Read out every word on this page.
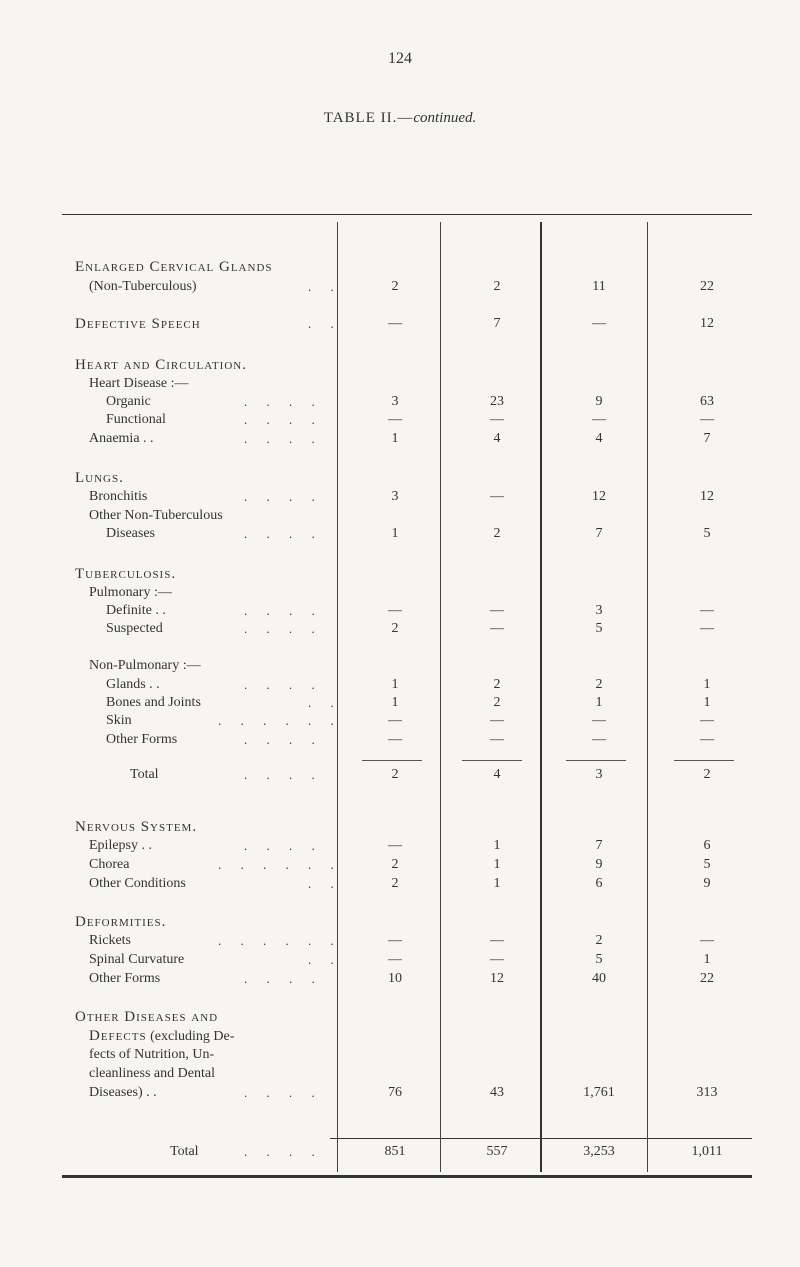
124
TABLE II.—continued.
Enlarged Cervical Glands
(Non-Tuberculous)	. .	2	2	11	22
Defective Speech	. .	—	7	—	12
Heart and Circulation.
Heart Disease :—
Organic	. . . .	3	23	9	63
Functional	. . . .	—	—	—	—
Anaemia . .	. . . .	1	4	4	7
Lungs.
Bronchitis	. . . .	3	—	12	12
Other Non-Tuberculous
Diseases	. . . .	1	2	7	5
Tuberculosis.
Pulmonary :—
Definite . .	. . . .	—	—	3	—
Suspected	. . . .	2	—	5	—
Non-Pulmonary :—
Glands . .	. . . .	1	2	2	1
Bones and Joints	. .	1	2	1	1
Skin	. . . . . .	—	—	—	—
Other Forms	. . . .	—	—	—	—
Total	. . . .	2	4	3	2
Nervous System.
Epilepsy . .	. . . .	—	1	7	6
Chorea	. . . . . .	2	1	9	5
Other Conditions	. .	2	1	6	9
Deformities.
Rickets	. . . . . .	—	—	2	—
Spinal Curvature	. .	—	—	5	1
Other Forms	. . . .	10	12	40	22
Other Diseases and
Defects (excluding De-
fects of Nutrition, Un-
cleanliness and Dental
Diseases) . .	. . . .	76	43	1,761	313
Total	. . . .	851	557	3,253	1,011
